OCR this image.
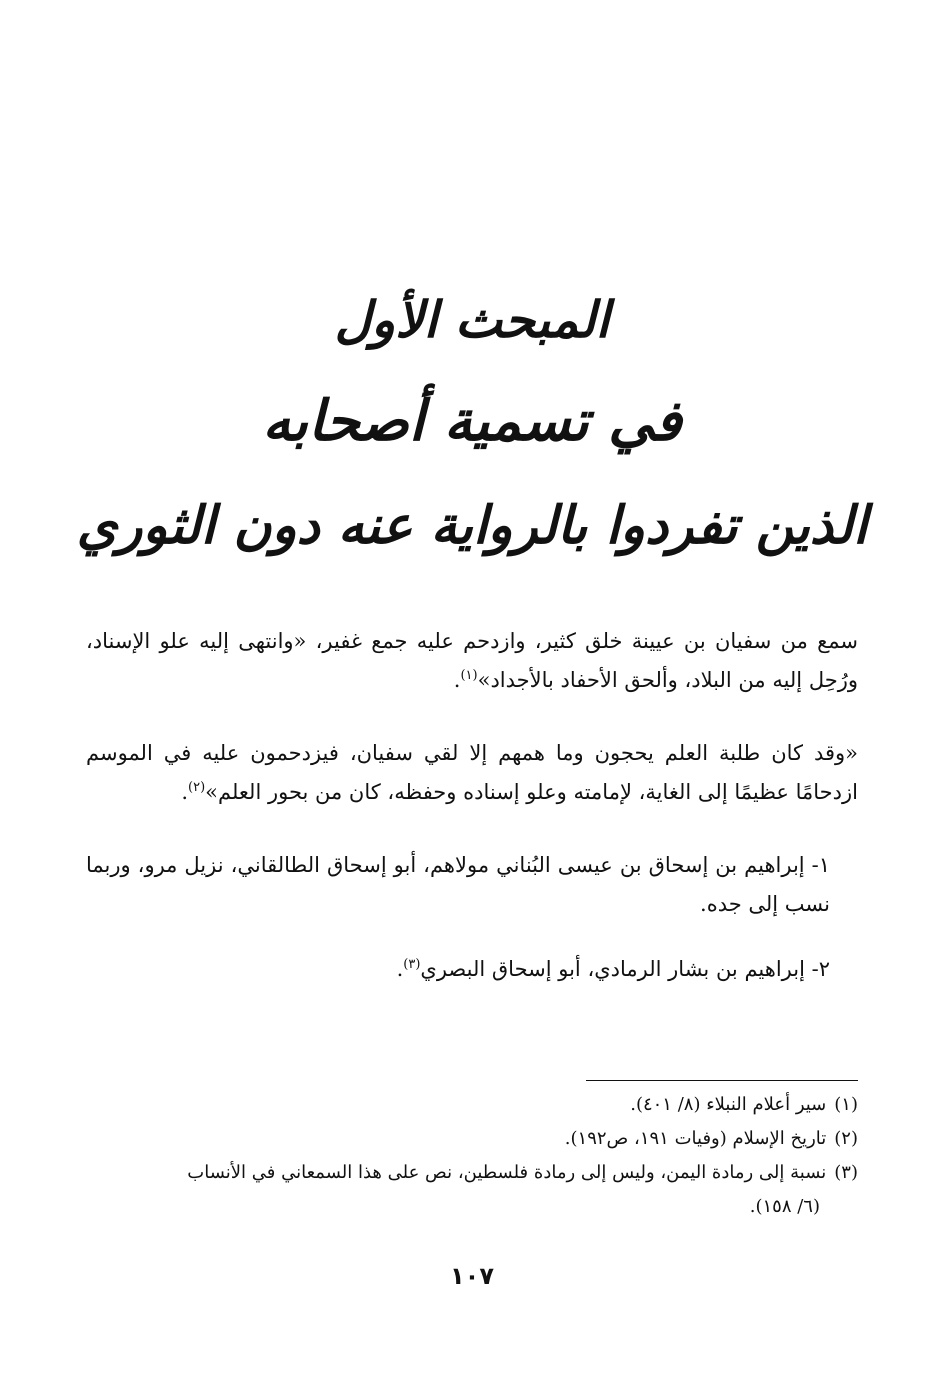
المبحث الأول
في تسمية أصحابه
الذين تفردوا بالرواية عنه دون الثوري

سمع من سفيان بن عيينة خلق كثير، وازدحم عليه جمع غفير، «وانتهى إليه علو الإسناد، ورُحِل إليه من البلاد، وألحق الأحفاد بالأجداد»$^{(١)}$.

«وقد كان طلبة العلم يحجون وما همهم إلا لقي سفيان، فيزدحمون عليه في الموسم ازدحامًا عظيمًا إلى الغاية، لإمامته وعلو إسناده وحفظه، كان من بحور العلم»$^{(٢)}$.

١- إبراهيم بن إسحاق بن عيسى البُناني مولاهم، أبو إسحاق الطالقاني، نزيل مرو، وربما نسب إلى جده.

٢- إبراهيم بن بشار الرمادي، أبو إسحاق البصري$^{(٣)}$.

(١)سير أعلام النبلاء (٨/ ٤٠١).

(٢)تاريخ الإسلام (وفيات ١٩١، ص١٩٢).

(٣)نسبة إلى رمادة اليمن، وليس إلى رمادة فلسطين، نص على هذا السمعاني في الأنساب

(٦/ ١٥٨).

١٠٧
